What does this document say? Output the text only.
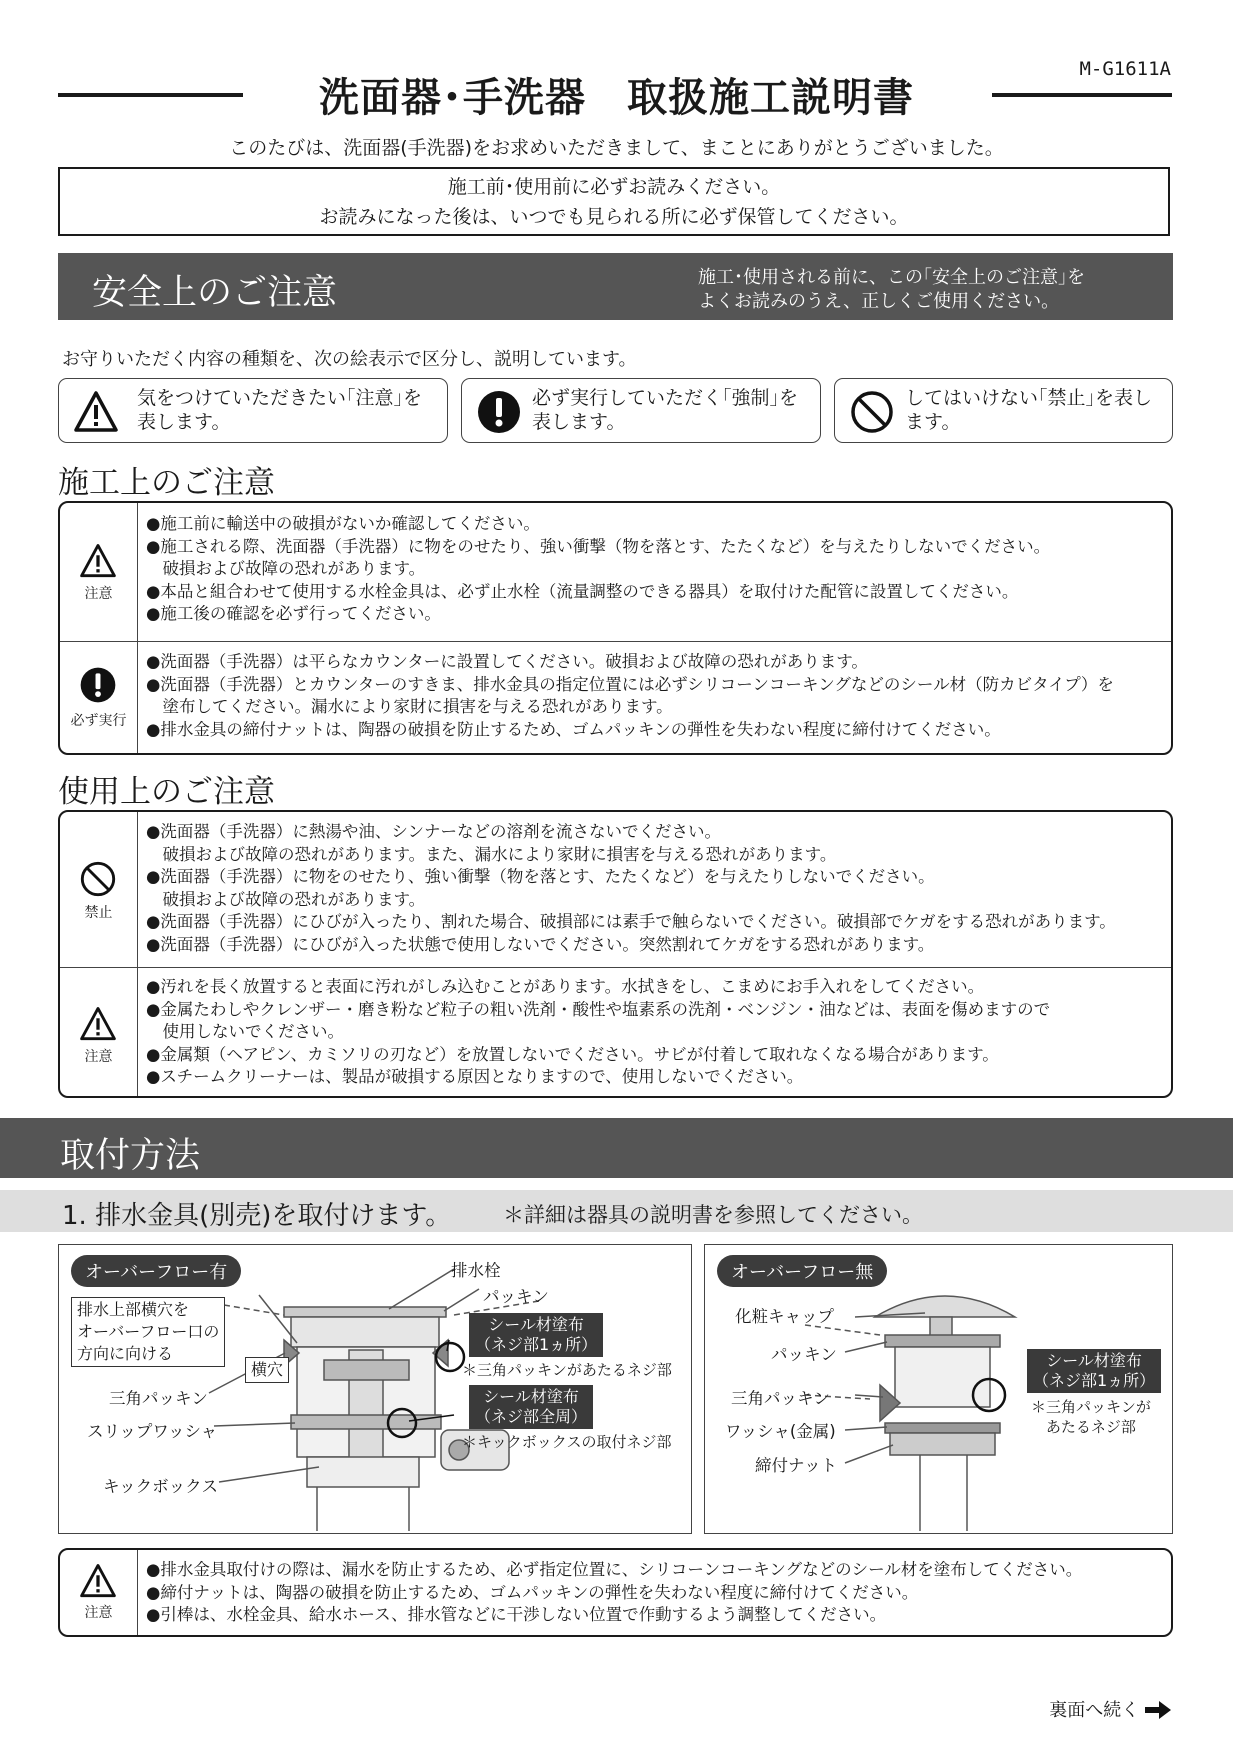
M-G1611A
洗面器･手洗器　取扱施工説明書
このたびは、洗面器(手洗器)をお求めいただきまして、まことにありがとうございました。
施工前･使用前に必ずお読みください。
お読みになった後は、いつでも見られる所に必ず保管してください。
安全上のご注意	施工･使用される前に、この｢安全上のご注意｣を
よくお読みのうえ、正しくご使用ください。
お守りいただく内容の種類を、次の絵表示で区分し、説明しています。
気をつけていただきたい｢注意｣を
表します。
必ず実行していただく｢強制｣を
表します。
してはいけない｢禁止｣を表し
ます。
施工上のご注意
注意
●施工前に輸送中の破損がないか確認してください。
●施工される際、洗面器（手洗器）に物をのせたり、強い衝撃（物を落とす、たたくなど）を与えたりしないでください。
　破損および故障の恐れがあります。
●本品と組合わせて使用する水栓金具は、必ず止水栓（流量調整のできる器具）を取付けた配管に設置してください。
●施工後の確認を必ず行ってください。
必ず実行
●洗面器（手洗器）は平らなカウンターに設置してください。破損および故障の恐れがあります。
●洗面器（手洗器）とカウンターのすきま、排水金具の指定位置には必ずシリコーンコーキングなどのシール材（防カビタイプ）を
　塗布してください。漏水により家財に損害を与える恐れがあります。
●排水金具の締付ナットは、陶器の破損を防止するため、ゴムパッキンの弾性を失わない程度に締付けてください。
使用上のご注意
禁止
●洗面器（手洗器）に熱湯や油、シンナーなどの溶剤を流さないでください。
　破損および故障の恐れがあります。また、漏水により家財に損害を与える恐れがあります。
●洗面器（手洗器）に物をのせたり、強い衝撃（物を落とす、たたくなど）を与えたりしないでください。
　破損および故障の恐れがあります。
●洗面器（手洗器）にひびが入ったり、割れた場合、破損部には素手で触らないでください。破損部でケガをする恐れがあります。
●洗面器（手洗器）にひびが入った状態で使用しないでください。突然割れてケガをする恐れがあります。
注意
●汚れを長く放置すると表面に汚れがしみ込むことがあります。水拭きをし、こまめにお手入れをしてください。
●金属たわしやクレンザー・磨き粉など粒子の粗い洗剤・酸性や塩素系の洗剤・ベンジン・油などは、表面を傷めますので
　使用しないでください。
●金属類（ヘアピン、カミソリの刃など）を放置しないでください。サビが付着して取れなくなる場合があります。
●スチームクリーナーは、製品が破損する原因となりますので、使用しないでください。
取付方法
1. 排水金具(別売)を取付けます。 ＊詳細は器具の説明書を参照してください。
オーバーフロー有	排水栓
パッキン
排水上部横穴を
オーバーフロー口の
方向に向ける
横穴
シール材塗布
（ネジ部1ヵ所）
＊三角パッキンがあたるネジ部
シール材塗布
（ネジ部全周）
＊キックボックスの取付ネジ部
三角パッキン
スリップワッシャ
キックボックス
オーバーフロー無
化粧キャップ
パッキン
三角パッキン
ワッシャ(金属)
締付ナット
シール材塗布
（ネジ部1ヵ所）
＊三角パッキンが
あたるネジ部
注意
●排水金具取付けの際は、漏水を防止するため、必ず指定位置に、シリコーンコーキングなどのシール材を塗布してください。
●締付ナットは、陶器の破損を防止するため、ゴムパッキンの弾性を失わない程度に締付けてください。
●引棒は、水栓金具、給水ホース、排水管などに干渉しない位置で作動するよう調整してください。
裏面へ続く
